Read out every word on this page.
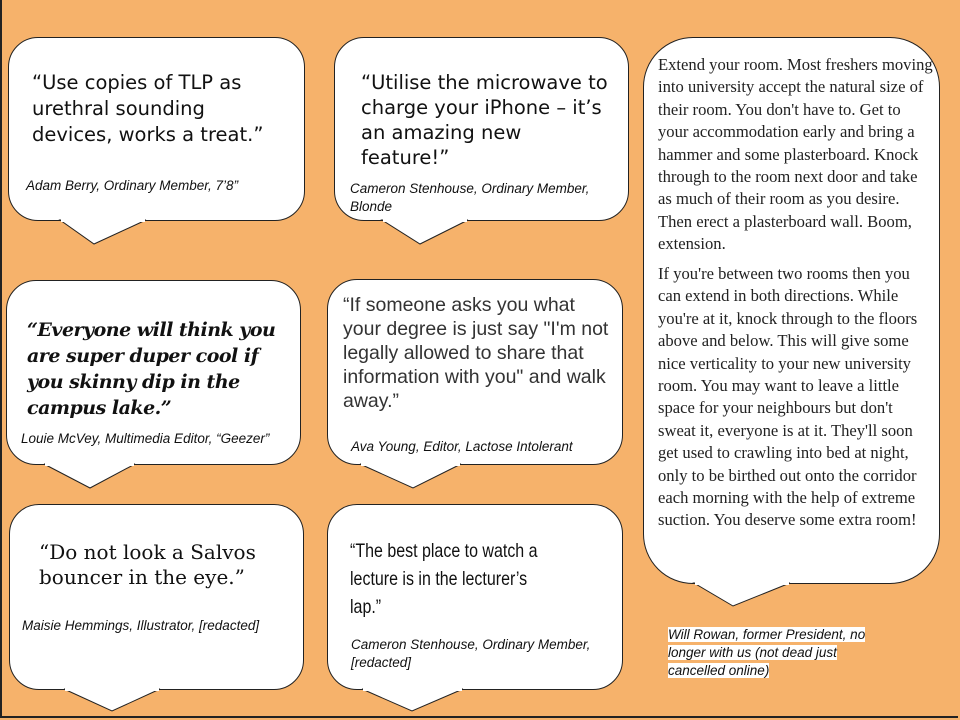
“Use copies of TLP as urethral sounding devices, works a treat.”

Adam Berry, Ordinary Member, 7’8”

“Utilise the microwave to charge your iPhone – it’s an amazing new feature!”

Cameron Stenhouse, Ordinary Member, Blonde

“Everyone will think you are super duper cool if you skinny dip in the campus lake.”

Louie McVey, Multimedia Editor, “Geezer”

“If someone asks you what your degree is just say "I'm not legally allowed to share that information with you" and walk away.”

Ava Young, Editor, Lactose Intolerant

“Do not look a Salvos bouncer in the eye.”

Maisie Hemmings, Illustrator, [redacted]

“The best place to watch a lecture is in the lecturer’s lap.”

Cameron Stenhouse, Ordinary Member, [redacted]

Extend your room. Most freshers moving into university accept the natural size of their room. You don't have to. Get to your accommodation early and bring a hammer and some plasterboard. Knock through to the room next door and take as much of their room as you desire. Then erect a plasterboard wall. Boom, extension.

If you're between two rooms then you can extend in both directions. While you're at it, knock through to the floors above and below. This will give some nice verticality to your new university room. You may want to leave a little space for your neighbours but don't sweat it, everyone is at it. They'll soon get used to crawling into bed at night, only to be birthed out onto the corridor each morning with the help of extreme suction. You deserve some extra room!

Will Rowan, former President, no longer with us (not dead just cancelled online)
